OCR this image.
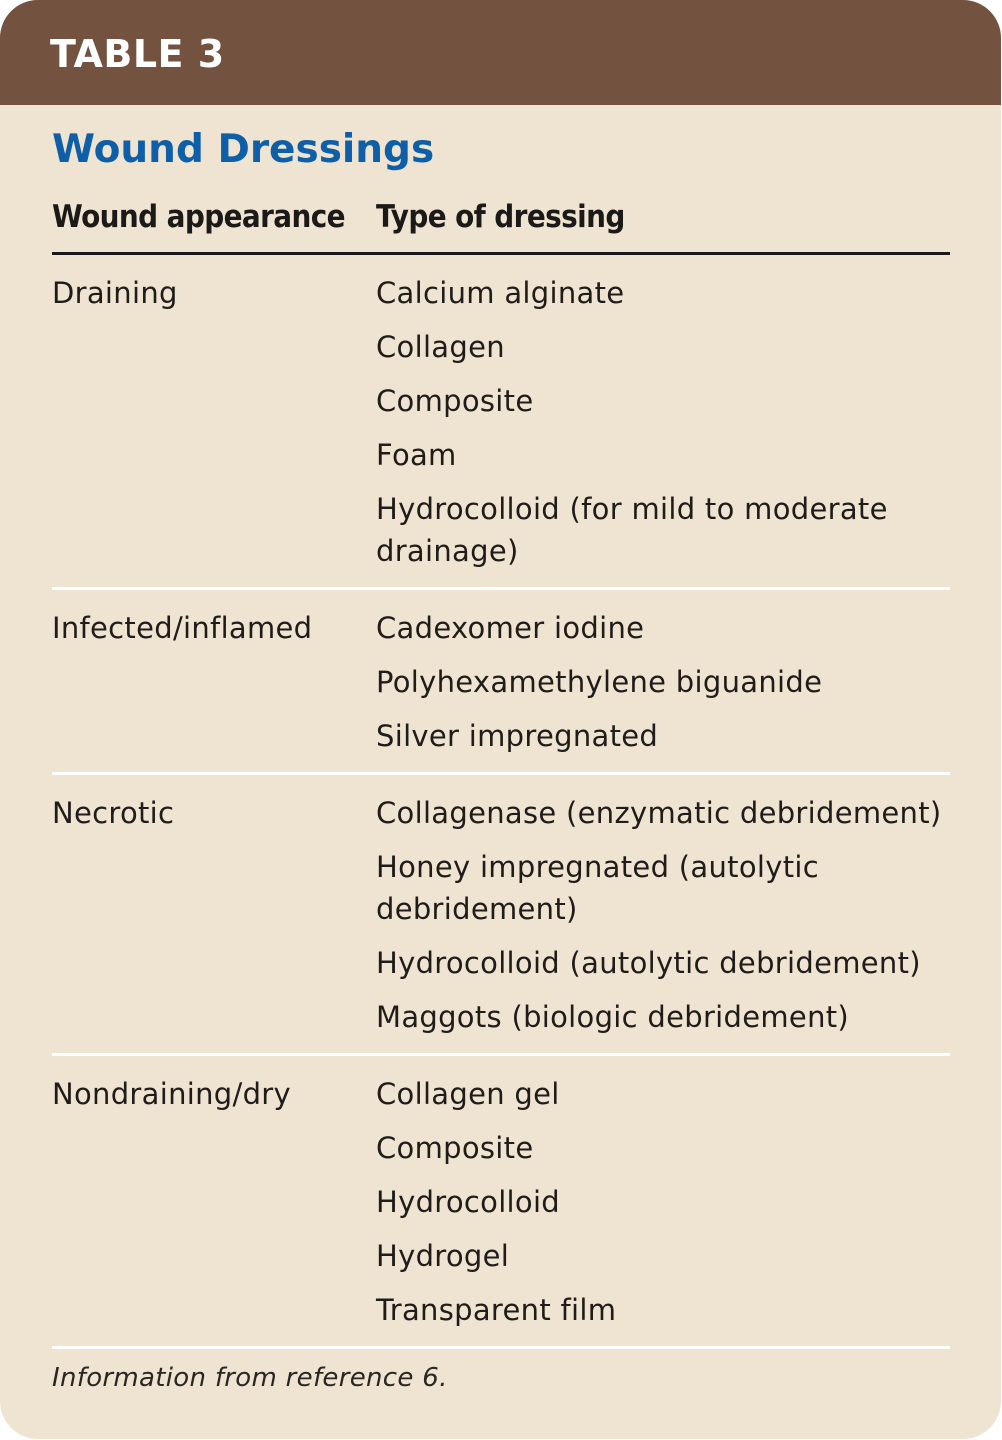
TABLE 3
Wound Dressings
Wound appearance Type of dressing
Draining	Calcium alginate
Collagen
Composite
Foam
Hydrocolloid (for mild to moderate drainage)
Infected/inflamed	Cadexomer iodine
Polyhexamethylene biguanide
Silver impregnated
Necrotic	Collagenase (enzymatic debridement)
Honey impregnated (autolytic debridement)
Hydrocolloid (autolytic debridement)
Maggots (biologic debridement)
Nondraining/dry	Collagen gel
Composite
Hydrocolloid
Hydrogel
Transparent film
Information from reference 6.
